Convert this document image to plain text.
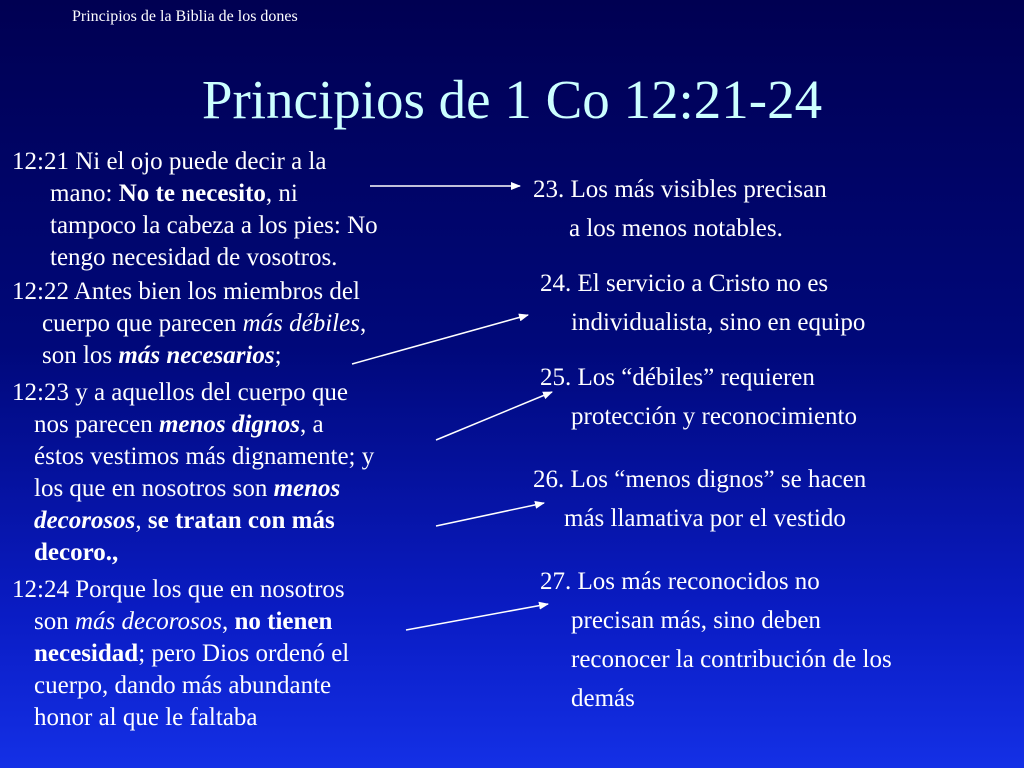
Principios de la Biblia de los dones
Principios de 1 Co 12:21-24
12:21 Ni el ojo puede decir a la
mano: No te necesito, ni
tampoco la cabeza a los pies: No
tengo necesidad de vosotros.
12:22 Antes bien los miembros del
cuerpo que parecen más débiles,
son los más necesarios;
12:23 y a aquellos del cuerpo que
nos parecen menos dignos, a
éstos vestimos más dignamente; y
los que en nosotros son menos
decorosos, se tratan con más
decoro.,
12:24 Porque los que en nosotros
son más decorosos, no tienen
necesidad; pero Dios ordenó el
cuerpo, dando más abundante
honor al que le faltaba
23. Los más visibles precisan
a los menos notables.
24. El servicio a Cristo no es
individualista, sino en equipo
25. Los “débiles” requieren
protección y reconocimiento
26. Los “menos dignos” se hacen
más llamativa por el vestido
27. Los más reconocidos no
precisan más, sino deben
reconocer la contribución de los
demás
